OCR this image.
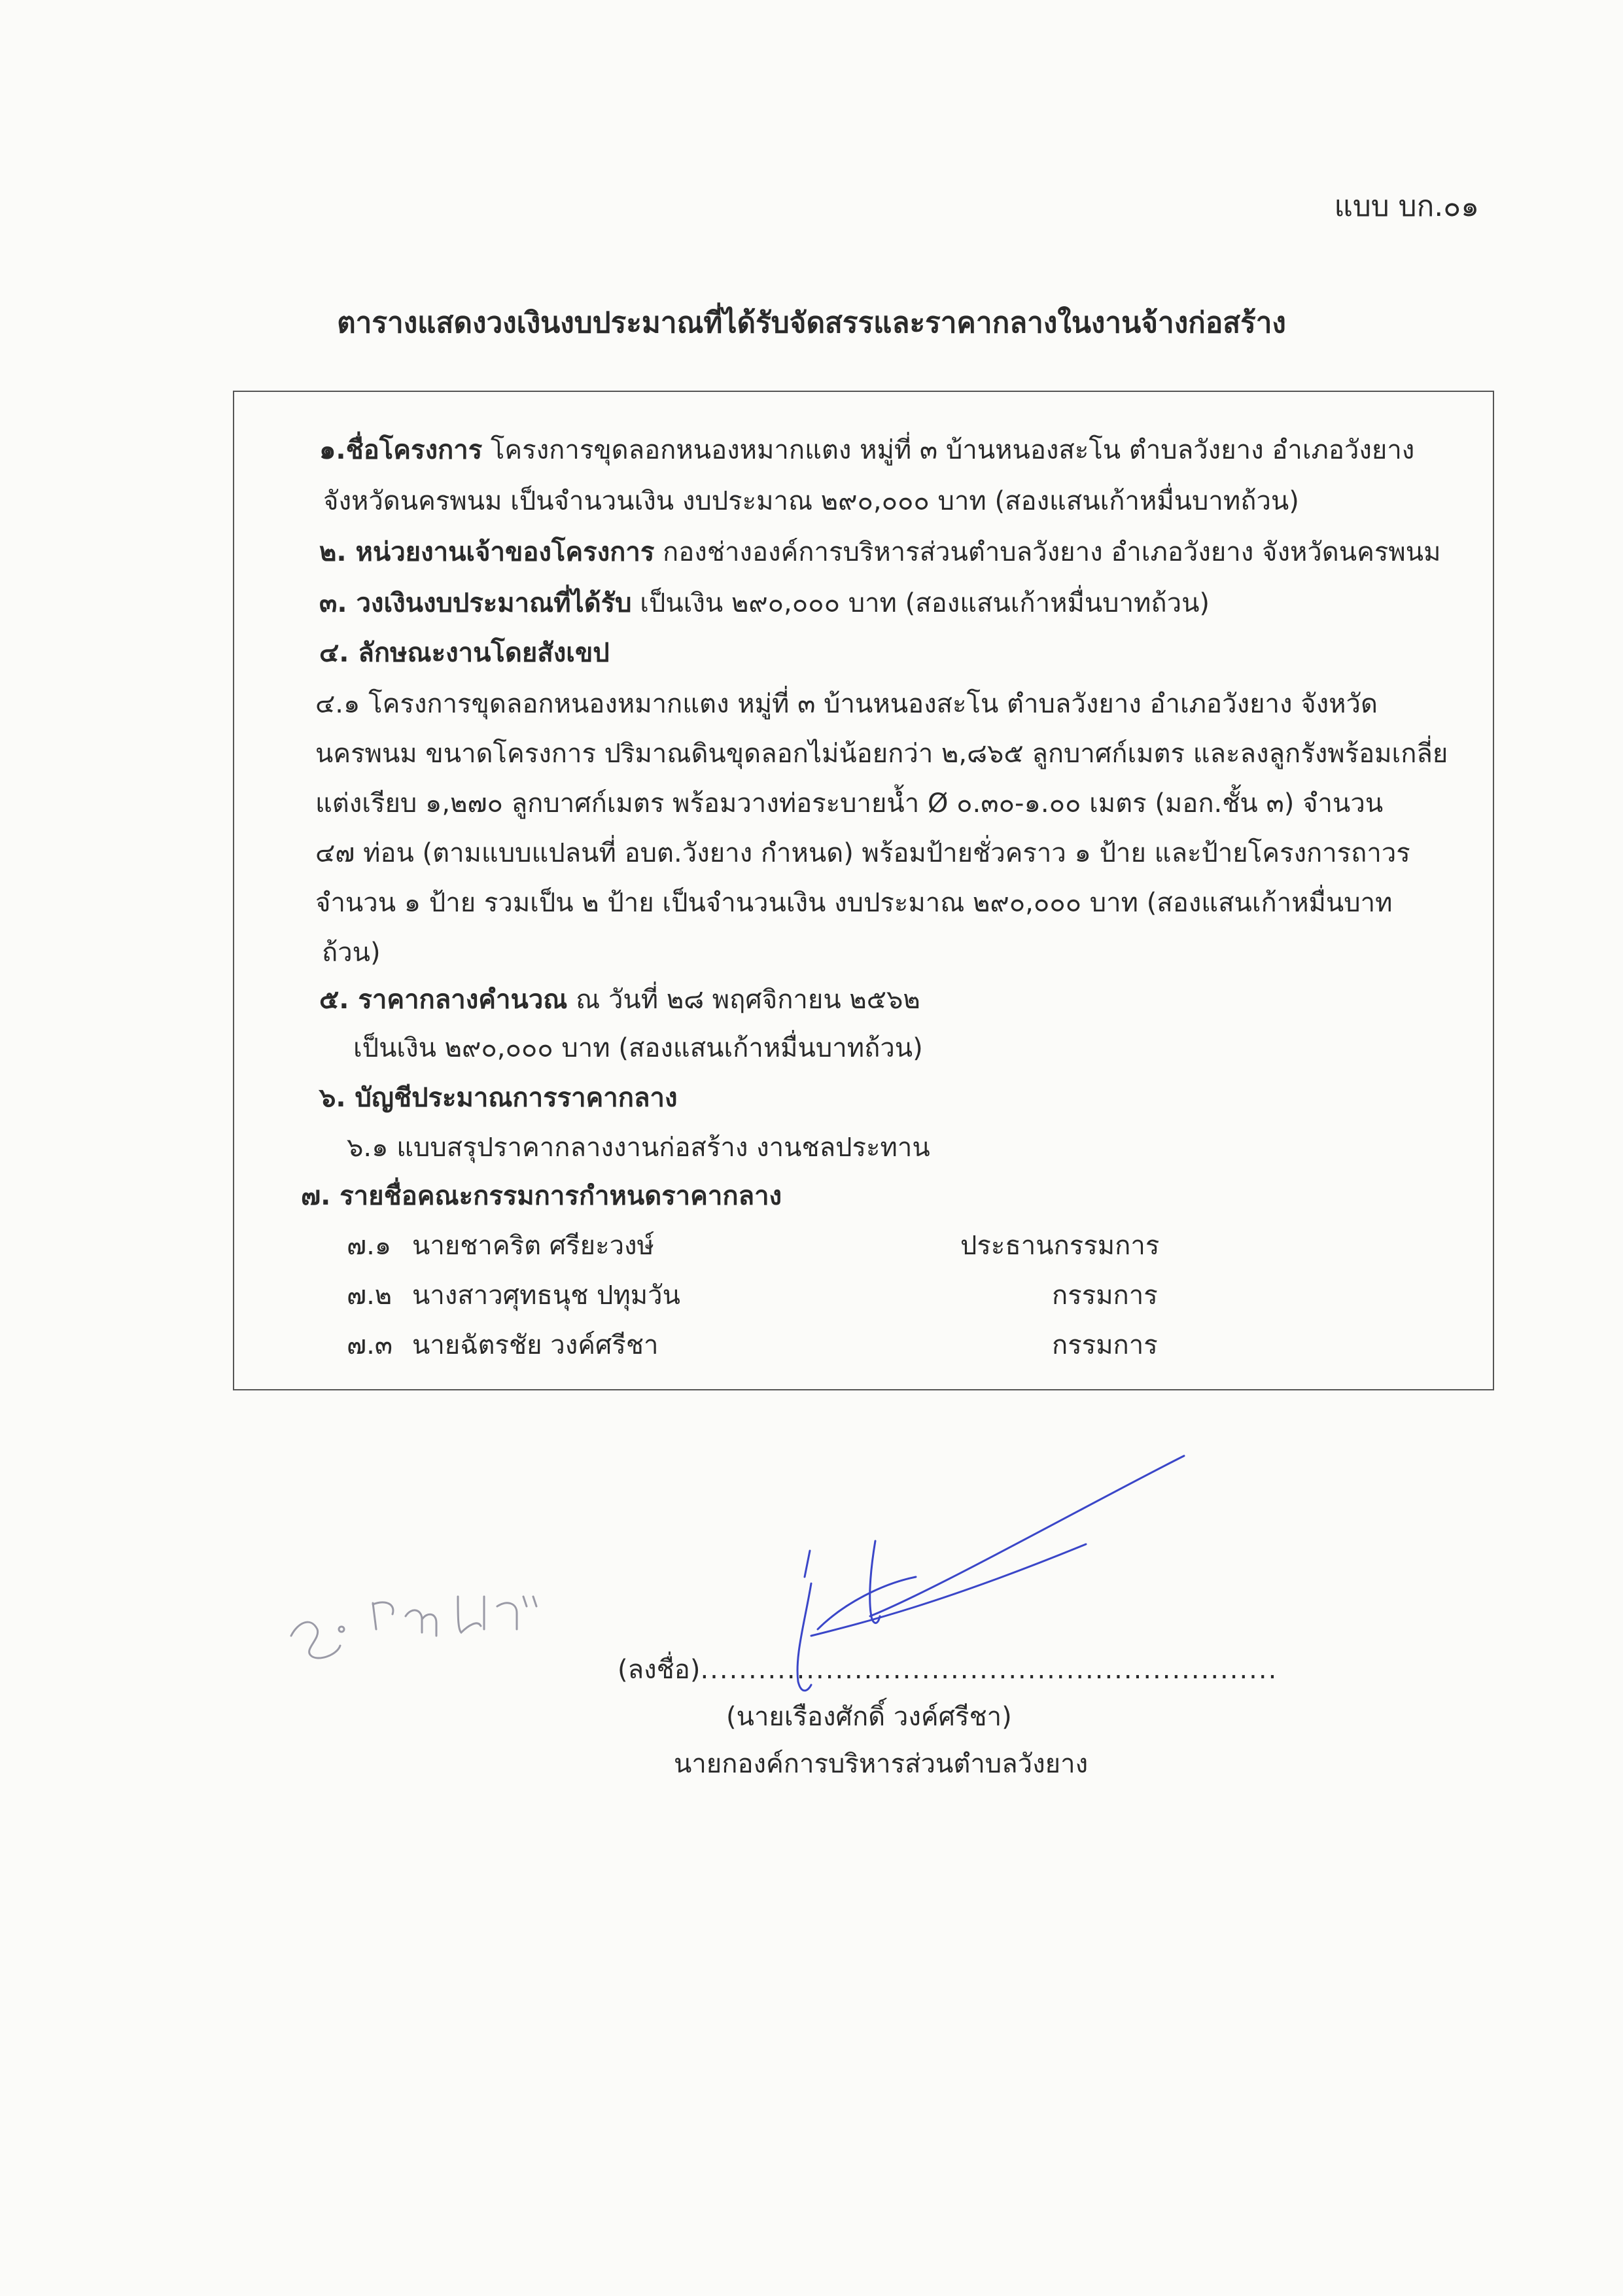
แบบ บก.๐๑
ตารางแสดงวงเงินงบประมาณที่ได้รับจัดสรรและราคากลางในงานจ้างก่อสร้าง
๑.ชื่อโครงการ โครงการขุดลอกหนองหมากแตง หมู่ที่ ๓ บ้านหนองสะโน ตำบลวังยาง อำเภอวังยาง
จังหวัดนครพนม เป็นจำนวนเงิน งบประมาณ ๒๙๐,๐๐๐ บาท (สองแสนเก้าหมื่นบาทถ้วน)
๒. หน่วยงานเจ้าของโครงการ กองช่างองค์การบริหารส่วนตำบลวังยาง อำเภอวังยาง จังหวัดนครพนม
๓. วงเงินงบประมาณที่ได้รับ เป็นเงิน ๒๙๐,๐๐๐ บาท (สองแสนเก้าหมื่นบาทถ้วน)
๔. ลักษณะงานโดยสังเขป
๔.๑ โครงการขุดลอกหนองหมากแตง หมู่ที่ ๓ บ้านหนองสะโน ตำบลวังยาง อำเภอวังยาง จังหวัด
นครพนม ขนาดโครงการ ปริมาณดินขุดลอกไม่น้อยกว่า ๒,๘๖๕ ลูกบาศก์เมตร และลงลูกรังพร้อมเกลี่ย
แต่งเรียบ ๑,๒๗๐ ลูกบาศก์เมตร พร้อมวางท่อระบายน้ำ Ø ๐.๓๐-๑.๐๐ เมตร (มอก.ชั้น ๓) จำนวน
๔๗ ท่อน (ตามแบบแปลนที่ อบต.วังยาง กำหนด) พร้อมป้ายชั่วคราว ๑ ป้าย และป้ายโครงการถาวร
จำนวน ๑ ป้าย รวมเป็น ๒ ป้าย เป็นจำนวนเงิน งบประมาณ ๒๙๐,๐๐๐ บาท (สองแสนเก้าหมื่นบาท
ถ้วน)
๕. ราคากลางคำนวณ ณ วันที่ ๒๘ พฤศจิกายน ๒๕๖๒
เป็นเงิน ๒๙๐,๐๐๐ บาท (สองแสนเก้าหมื่นบาทถ้วน)
๖. บัญชีประมาณการราคากลาง
๖.๑ แบบสรุปราคากลางงานก่อสร้าง งานชลประทาน
๗. รายชื่อคณะกรรมการกำหนดราคากลาง
๗.๑ นายชาคริต ศรียะวงษ์	ประธานกรรมการ
๗.๒ นางสาวศุทธนุช ปทุมวัน	กรรมการ
๗.๓ นายฉัตรชัย วงค์ศรีชา	กรรมการ
(ลงชื่อ)............................................................
(นายเรืองศักดิ์ วงค์ศรีชา)
นายกองค์การบริหารส่วนตำบลวังยาง
